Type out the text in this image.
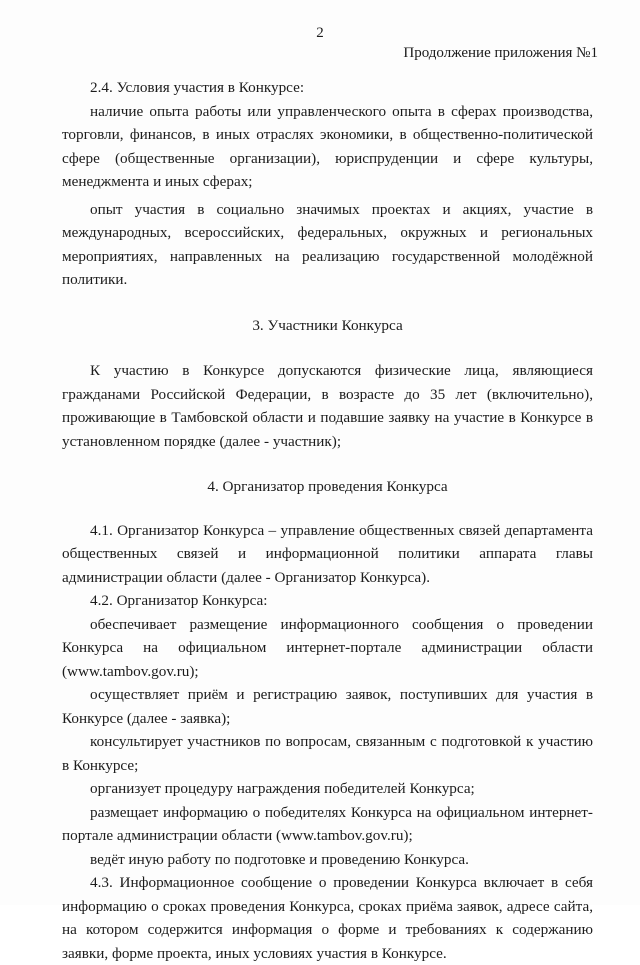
2
Продолжение приложения №1

2.4. Условия участия в Конкурсе:

наличие опыта работы или управленческого опыта в сферах производства, торговли, финансов, в иных отраслях экономики, в общественно-политической сфере (общественные организации), юриспруденции и сфере культуры, менеджмента и иных сферах;

опыт участия в социально значимых проектах и акциях, участие в международных, всероссийских, федеральных, окружных и региональных мероприятиях, направленных на реализацию государственной молодёжной политики.

3. Участники Конкурса

К участию в Конкурсе допускаются физические лица, являющиеся гражданами Российской Федерации, в возрасте до 35 лет (включительно), проживающие в Тамбовской области и подавшие заявку на участие в Конкурсе в установленном порядке (далее - участник);

4. Организатор проведения Конкурса

4.1. Организатор Конкурса – управление общественных связей департамента общественных связей и информационной политики аппарата главы администрации области (далее - Организатор Конкурса).

4.2. Организатор Конкурса:

обеспечивает размещение информационного сообщения о проведении Конкурса на официальном интернет-портале администрации области (www.tambov.gov.ru);

осуществляет приём и регистрацию заявок, поступивших для участия в Конкурсе (далее - заявка);

консультирует участников по вопросам, связанным с подготовкой к участию в Конкурсе;

организует процедуру награждения победителей Конкурса;

размещает информацию о победителях Конкурса на официальном интернет-портале администрации области (www.tambov.gov.ru);

ведёт иную работу по подготовке и проведению Конкурса.

4.3. Информационное сообщение о проведении Конкурса включает в себя информацию о сроках проведения Конкурса, сроках приёма заявок, адресе сайта, на котором содержится информация о форме и требованиях к содержанию заявки, форме проекта, иных условиях участия в Конкурсе.
